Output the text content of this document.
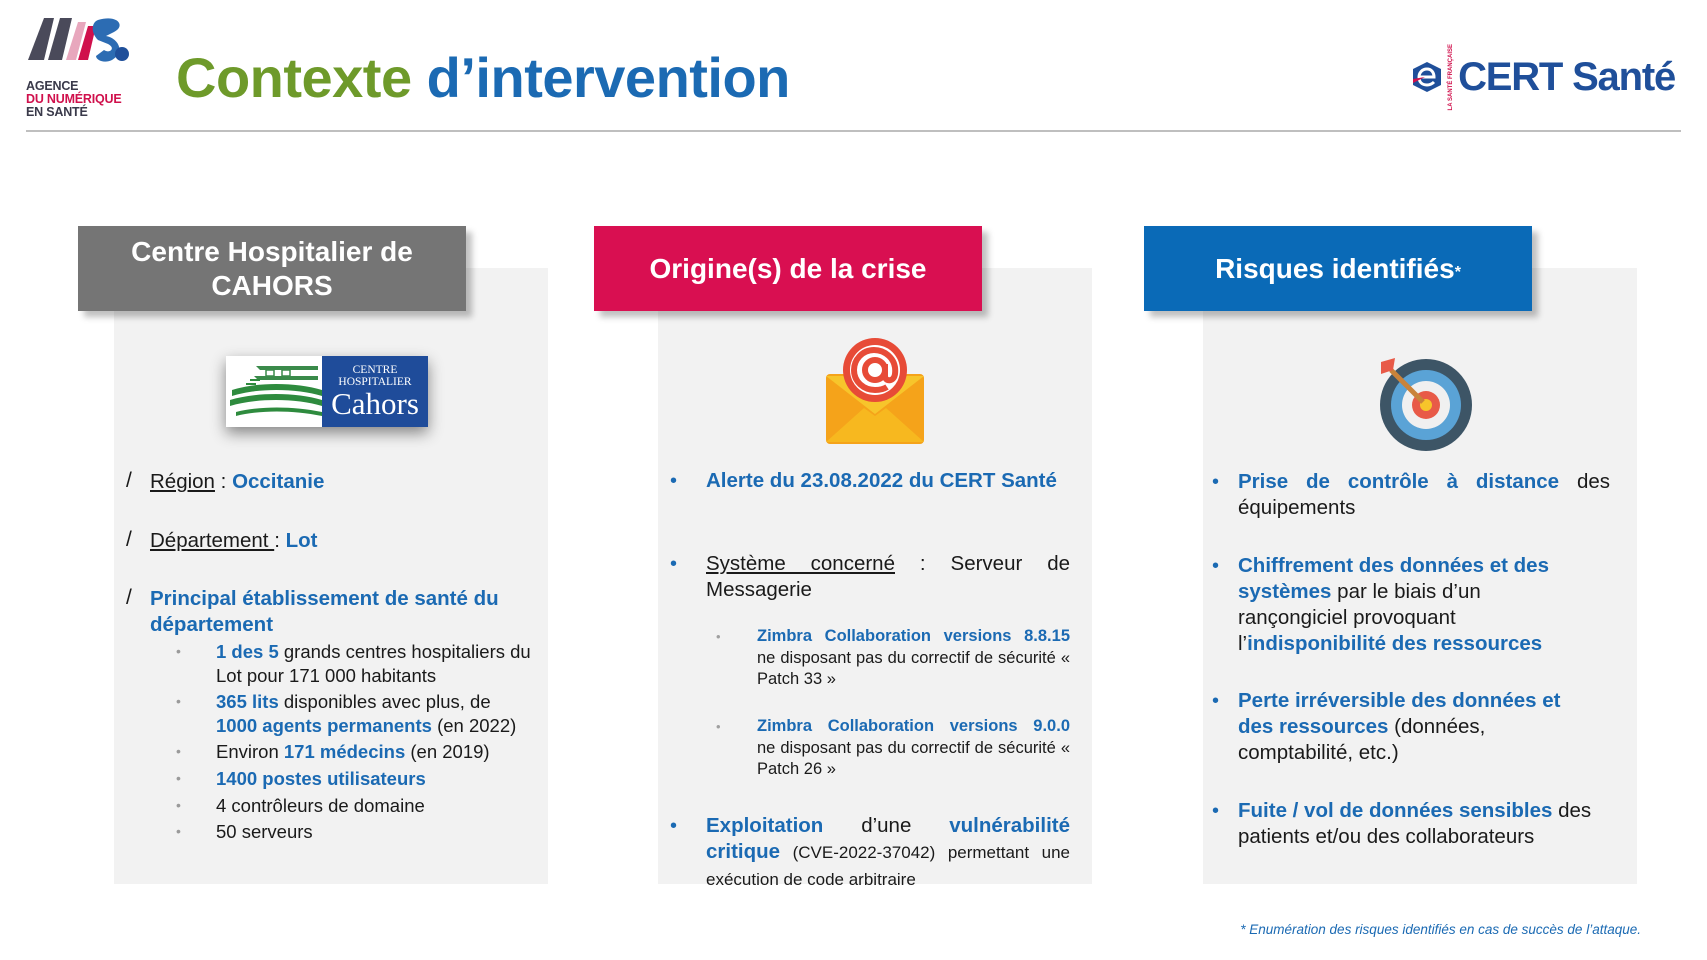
AGENCE
DU NUMÉRIQUE
EN SANTÉ
Contexte d’intervention	LA SANTÉ FRANÇAISE CERT Santé
Centre Hospitalier de CAHORS
Origine(s) de la crise	Risques identifiés*
CENTRE
HOSPITALIER
Cahors
/ Région : Occitanie
/ Département : Lot
/ Principal établissement de santé du
département
• 1 des 5 grands centres hospitaliers du Lot pour 171 000 habitants
• 365 lits disponibles avec plus, de 1000 agents permanents (en 2022)
• Environ 171 médecins (en 2019)
• 1400 postes utilisateurs
• 4 contrôleurs de domaine
• 50 serveurs
• Alerte du 23.08.2022 du CERT Santé
• Système concerné : Serveur de Messagerie
• Zimbra Collaboration versions 8.8.15
ne disposant pas du correctif de sécurité « Patch 33 »
• Zimbra Collaboration versions 9.0.0
ne disposant pas du correctif de sécurité « Patch 26 »
• Exploitation d’une vulnérabilité critique (CVE-2022-37042) permettant une exécution de code arbitraire
• Prise de contrôle à distance des équipements
• Chiffrement des données et des systèmes par le biais d’un rançongiciel provoquant l’indisponibilité des ressources
• Perte irréversible des données et des ressources (données, comptabilité, etc.)
• Fuite / vol de données sensibles des patients et/ou des collaborateurs
* Enumération des risques identifiés en cas de succès de l’attaque.
